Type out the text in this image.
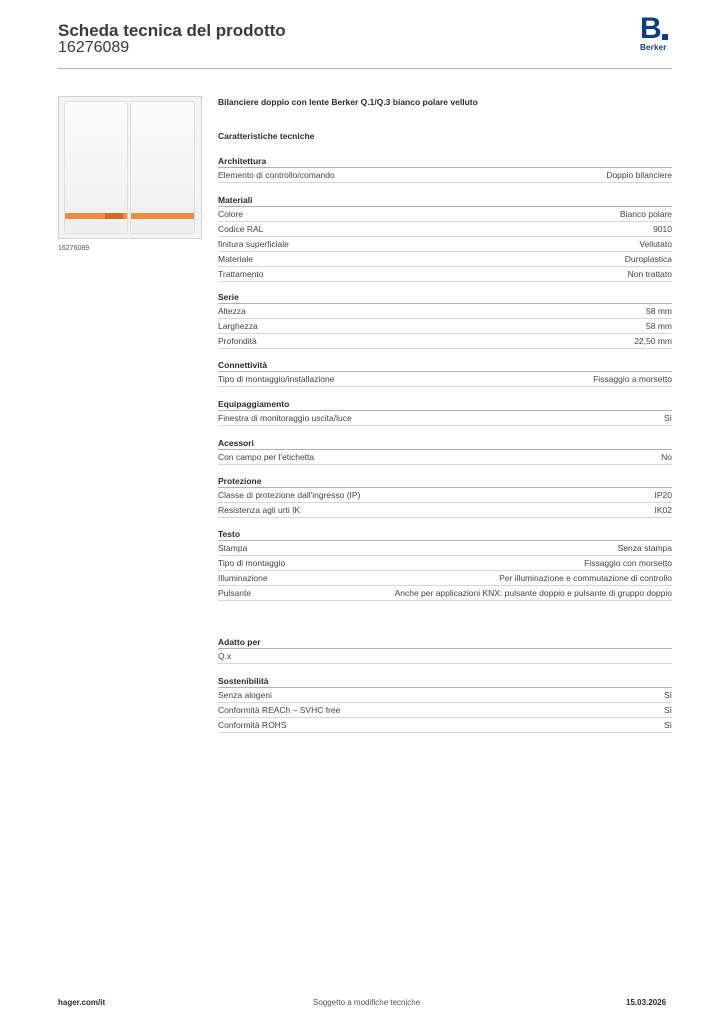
Scheda tecnica del prodotto
16276089
B
Berker
16276089
Bilanciere doppio con lente Berker Q.1/Q.3 bianco polare velluto
Caratteristiche tecniche
Architettura
Elemento di controllo/comando	Doppio bilanciere
Materiali
Colore	Bianco polare
Codice RAL	9010
finitura superficiale	Vellutato
Materiale	Duroplastica
Trattamento	Non trattato
Serie
Altezza	58 mm
Larghezza	58 mm
Profondità	22,50 mm
Connettività
Tipo di montaggio/installazione	Fissaggio a morsetto
Equipaggiamento
Finestra di monitoraggio uscita/luce	Sì
Acessori
Con campo per l'etichetta	No
Protezione
Classe di protezione dall'ingresso (IP)	IP20
Resistenza agli urti IK	IK02
Testo
Stampa	Senza stampa
Tipo di montaggio	Fissaggio con morsetto
Illuminazione	Per illuminazione e commutazione di controllo
Pulsante	Anche per applicazioni KNX: pulsante doppio e pulsante di gruppo doppio
Adatto per
Q.x
Sostenibilità
Senza alogeni	Sì
Conformità REACh – SVHC free	Sì
Conformità ROHS	Sì
hager.com/it	Soggetto a modifiche tecniche	15.03.2026
